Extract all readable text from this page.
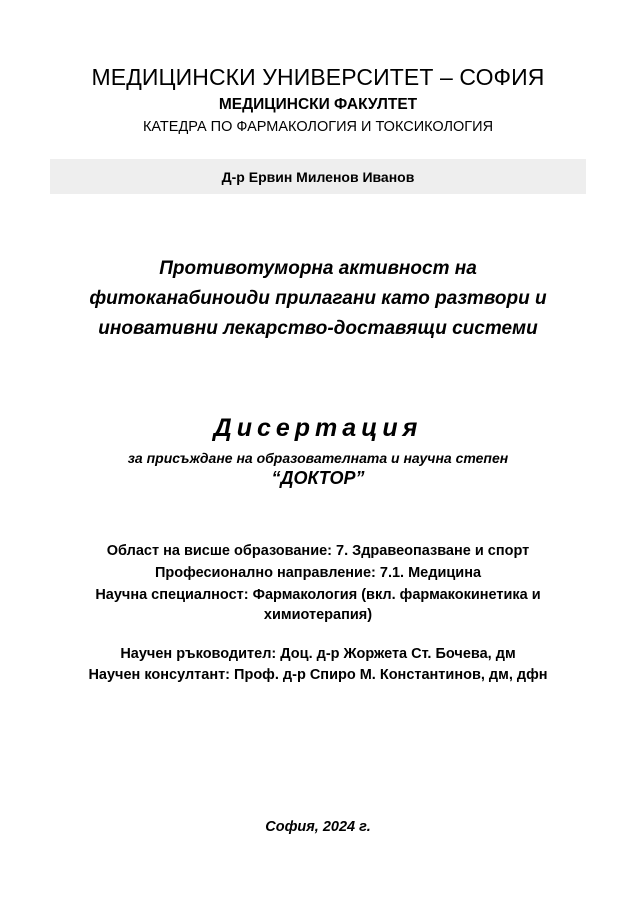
МЕДИЦИНСКИ УНИВЕРСИТЕТ – СОФИЯ
МЕДИЦИНСКИ ФАКУЛТЕТ
КАТЕДРА ПО ФАРМАКОЛОГИЯ И ТОКСИКОЛОГИЯ
Д-р Ервин Миленов Иванов
Противотуморна активност на
фитоканабиноиди прилагани като разтвори и
иновативни лекарство-доставящи системи
Дисертация
за присъждане на образователната и научна степен
“ДОКТОР”
Област на висше образование: 7. Здравеопазване и спорт
Професионално направление: 7.1. Медицина
Научна специалност: Фармакология (вкл. фармакокинетика и
химиотерапия)
Научен ръководител: Доц. д-р Жоржета Ст. Бочева, дм
Научен консултант: Проф. д-р Спиро М. Константинов, дм, дфн
София, 2024 г.
